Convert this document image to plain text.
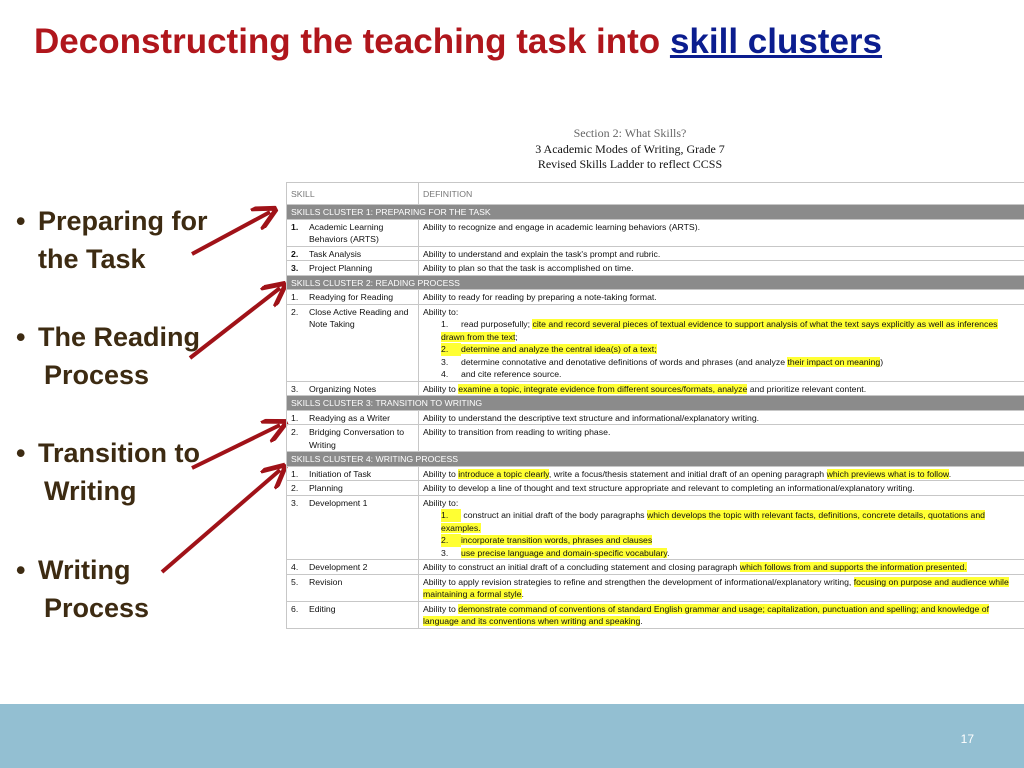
Deconstructing the teaching task into skill clusters
• Preparing for
the Task
• The Reading
Process
• Transition to
Writing
• Writing
Process
Section 2: What Skills?
3 Academic Modes of Writing, Grade 7
Revised Skills Ladder to reflect CCSS
SKILL	DEFINITION
SKILLS CLUSTER 1: PREPARING FOR THE TASK	
1. Academic Learning Behaviors (ARTS)	Ability to recognize and engage in academic learning behaviors (ARTS).
2. Task Analysis	Ability to understand and explain the task's prompt and rubric.
3. Project Planning	Ability to plan so that the task is accomplished on time.
SKILLS CLUSTER 2: READING PROCESS	
1. Readying for Reading	Ability to ready for reading by preparing a note-taking format.
2. Close Active Reading and Note Taking	Ability to:
1. read purposefully; cite and record several pieces of textual evidence to support analysis of what the text says explicitly as well as inferences drawn from the text;
2. determine and analyze the central idea(s) of a text;
3. determine connotative and denotative definitions of words and phrases (and analyze their impact on meaning)
4. and cite reference source.

3. Organizing Notes	Ability to examine a topic, integrate evidence from different sources/formats, analyze and prioritize relevant content.
SKILLS CLUSTER 3: TRANSITION TO WRITING	
1. Readying as a Writer	Ability to understand the descriptive text structure and informational/explanatory writing.
2. Bridging Conversation to Writing	Ability to transition from reading to writing phase.
SKILLS CLUSTER 4: WRITING PROCESS	
1. Initiation of Task	Ability to introduce a topic clearly, write a focus/thesis statement and initial draft of an opening paragraph which previews what is to follow.
2. Planning	Ability to develop a line of thought and text structure appropriate and relevant to completing an informational/explanatory writing.
3. Development 1	Ability to:
1. construct an initial draft of the body paragraphs which develops the topic with relevant facts, definitions, concrete details, quotations and examples.
2. incorporate transition words, phrases and clauses
3. use precise language and domain-specific vocabulary.

4. Development 2	Ability to construct an initial draft of a concluding statement and closing paragraph which follows from and supports the information presented.
5. Revision	Ability to apply revision strategies to refine and strengthen the development of informational/explanatory writing, focusing on purpose and audience while maintaining a formal style.
6. Editing	Ability to demonstrate command of conventions of standard English grammar and usage; capitalization, punctuation and spelling; and knowledge of language and its conventions when writing and speaking.
17
